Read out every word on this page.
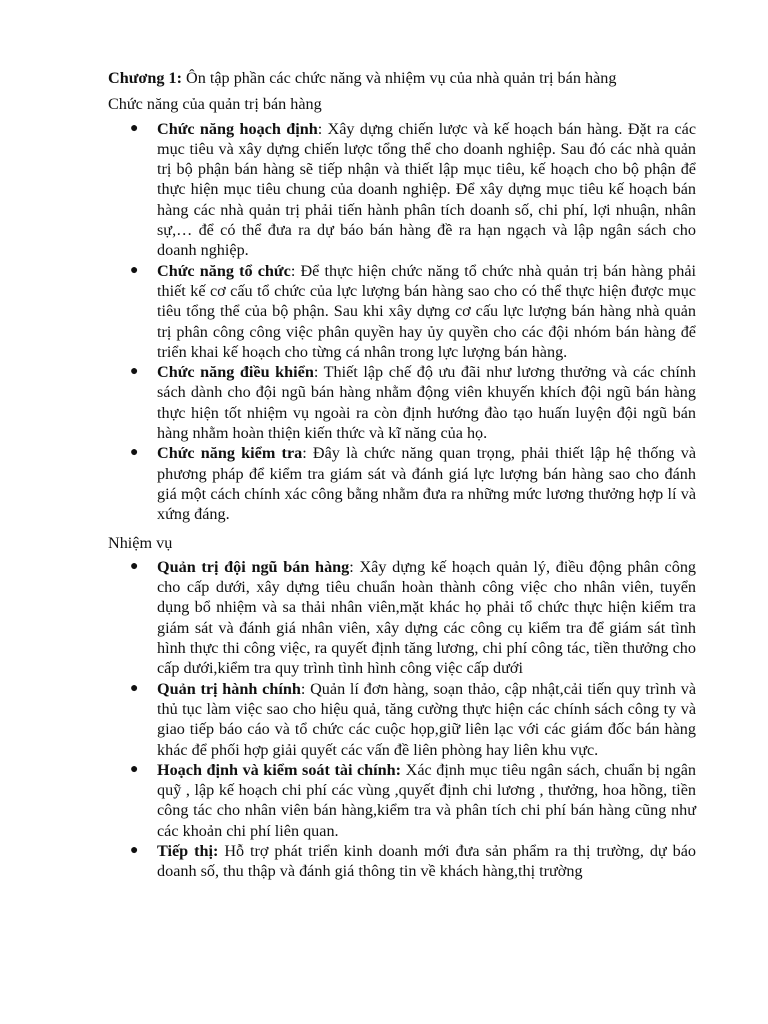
Chương 1: Ôn tập phần các chức năng và nhiệm vụ của nhà quản trị bán hàng

Chức năng của quản trị bán hàng

● Chức năng hoạch định: Xây dựng chiến lược và kế hoạch bán hàng. Đặt ra các mục tiêu và xây dựng chiến lược tổng thể cho doanh nghiệp. Sau đó các nhà quản trị bộ phận bán hàng sẽ tiếp nhận và thiết lập mục tiêu, kế hoạch cho bộ phận để thực hiện mục tiêu chung của doanh nghiệp. Để xây dựng mục tiêu kế hoạch bán hàng các nhà quản trị phải tiến hành phân tích doanh số, chi phí, lợi nhuận, nhân sự,… để có thể đưa ra dự báo bán hàng đề ra hạn ngạch và lập ngân sách cho doanh nghiệp.
● Chức năng tổ chức: Để thực hiện chức năng tổ chức nhà quản trị bán hàng phải thiết kế cơ cấu tổ chức của lực lượng bán hàng sao cho có thể thực hiện được mục tiêu tổng thể của bộ phận. Sau khi xây dựng cơ cấu lực lượng bán hàng nhà quản trị phân công công việc phân quyền hay ủy quyền cho các đội nhóm bán hàng để triển khai kế hoạch cho từng cá nhân trong lực lượng bán hàng.
● Chức năng điều khiển: Thiết lập chế độ ưu đãi như lương thưởng và các chính sách dành cho đội ngũ bán hàng nhằm động viên khuyến khích đội ngũ bán hàng thực hiện tốt nhiệm vụ ngoài ra còn định hướng đào tạo huấn luyện đội ngũ bán hàng nhằm hoàn thiện kiến thức và kĩ năng của họ.
● Chức năng kiểm tra: Đây là chức năng quan trọng, phải thiết lập hệ thống và phương pháp để kiểm tra giám sát và đánh giá lực lượng bán hàng sao cho đánh giá một cách chính xác công bằng nhằm đưa ra những mức lương thưởng hợp lí và xứng đáng.

Nhiệm vụ

● Quản trị đội ngũ bán hàng: Xây dựng kế hoạch quản lý, điều động phân công cho cấp dưới, xây dựng tiêu chuẩn hoàn thành công việc cho nhân viên, tuyển dụng bổ nhiệm và sa thải nhân viên,mặt khác họ phải tổ chức thực hiện kiểm tra giám sát và đánh giá nhân viên, xây dựng các công cụ kiểm tra để giám sát tình hình thực thi công việc, ra quyết định tăng lương, chi phí công tác, tiền thưởng cho cấp dưới,kiểm tra quy trình tình hình công việc cấp dưới
● Quản trị hành chính: Quản lí đơn hàng, soạn thảo, cập nhật,cải tiến quy trình và thủ tục làm việc sao cho hiệu quả, tăng cường thực hiện các chính sách công ty và giao tiếp báo cáo và tổ chức các cuộc họp,giữ liên lạc với các giám đốc bán hàng khác để phối hợp giải quyết các vấn đề liên phòng hay liên khu vực.
● Hoạch định và kiểm soát tài chính: Xác định mục tiêu ngân sách, chuẩn bị ngân quỹ , lập kế hoạch chi phí các vùng ,quyết định chi lương , thưởng, hoa hồng, tiền công tác cho nhân viên bán hàng,kiểm tra và phân tích chi phí bán hàng cũng như các khoản chi phí liên quan.
● Tiếp thị: Hỗ trợ phát triển kinh doanh mới đưa sản phẩm ra thị trường, dự báo doanh số, thu thập và đánh giá thông tin về khách hàng,thị trường
